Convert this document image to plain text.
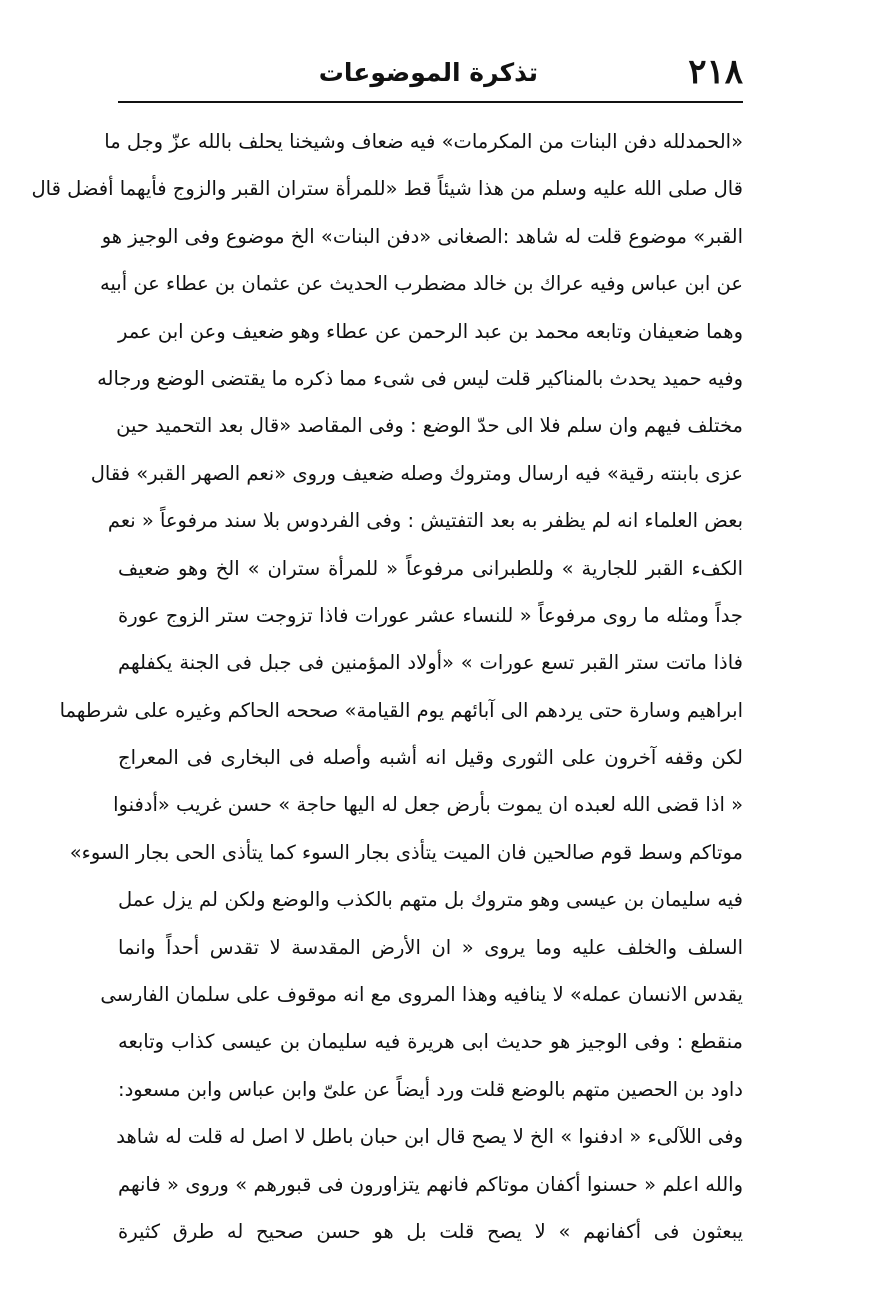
٢١٨
تذكرة الموضوعات
«الحمدلله دفن البنات من المكرمات» فيه ضعاف وشيخنا يحلف بالله عزّ وجل ما
قال صلى الله عليه وسلم من هذا شيئاً قط «للمرأة ستران القبر والزوج فأيهما أفضل قال
القبر» موضوع قلت له شاهد :الصغانى «دفن البنات» الخ موضوع وفى الوجيز هو
عن ابن عباس وفيه عراك بن خالد مضطرب الحديث عن عثمان بن عطاء عن أبيه
وهما ضعيفان وتابعه محمد بن عبد الرحمن عن عطاء وهو ضعيف وعن ابن عمر
وفيه حميد يحدث بالمناكير قلت ليس فى شىء مما ذكره ما يقتضى الوضع ورجاله
مختلف فيهم وان سلم فلا الى حدّ الوضع : وفى المقاصد «قال بعد التحميد حين
عزى بابنته رقية» فيه ارسال ومتروك وصله ضعيف وروى «نعم الصهر القبر» فقال
بعض العلماء انه لم يظفر به بعد التفتيش : وفى الفردوس بلا سند مرفوعاً « نعم
الكفء القبر للجارية » وللطبرانى مرفوعاً « للمرأة ستران » الخ وهو ضعيف
جداً ومثله ما روى مرفوعاً « للنساء عشر عورات فاذا تزوجت ستر الزوج عورة
فاذا ماتت ستر القبر تسع عورات » «أولاد المؤمنين فى جبل فى الجنة يكفلهم
ابراهيم وسارة حتى يردهم الى آبائهم يوم القيامة» صححه الحاكم وغيره على شرطهما
لكن وقفه آخرون على الثورى وقيل انه أشبه وأصله فى البخارى فى المعراج
« اذا قضى الله لعبده ان يموت بأرض جعل له اليها حاجة » حسن غريب «أدفنوا
موتاكم وسط قوم صالحين فان الميت يتأذى بجار السوء كما يتأذى الحى بجار السوء»
فيه سليمان بن عيسى وهو متروك بل متهم بالكذب والوضع ولكن لم يزل عمل
السلف والخلف عليه وما يروى « ان الأرض المقدسة لا تقدس أحداً وانما
يقدس الانسان عمله» لا ينافيه وهذا المروى مع انه موقوف على سلمان الفارسى
منقطع : وفى الوجيز هو حديث ابى هريرة فيه سليمان بن عيسى كذاب وتابعه
داود بن الحصين متهم بالوضع قلت ورد أيضاً عن علىّ وابن عباس وابن مسعود:
وفى اللآلىء « ادفنوا » الخ لا يصح قال ابن حبان باطل لا اصل له قلت له شاهد
والله اعلم « حسنوا أكفان موتاكم فانهم يتزاورون فى قبورهم » وروى « فانهم
يبعثون فى أكفانهم » لا يصح قلت بل هو حسن صحيح له طرق كثيرة
